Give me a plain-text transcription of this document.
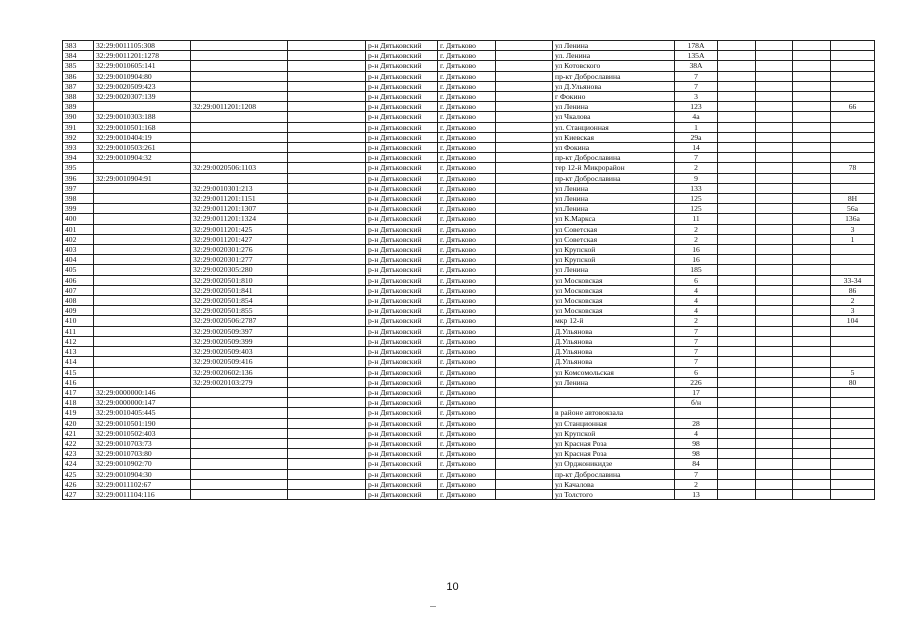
383	32:29:0011105:308			р-н Дятьковский	г. Дятьково		ул Ленина	178А				
384	32:29:0011201:1278			р-н Дятьковский	г. Дятьково		ул. Ленина	135А				
385	32:29:0010605:141			р-н Дятьковский	г. Дятьково		ул Котовского	38А				
386	32:29:0010904:80			р-н Дятьковский	г. Дятьково		пр-кт Доброславина	7				
387	32:29:0020509:423			р-н Дятьковский	г. Дятьково		ул Д.Ульянова	7				
388	32:29:0020307:139			р-н Дятьковский	г. Дятьково		г Фокино	3				
389		32:29:0011201:1208		р-н Дятьковский	г. Дятьково		ул Ленина	123				66
390	32:29:0010303:188			р-н Дятьковский	г. Дятьково		ул Чкалова	4а				
391	32:29:0010501:168			р-н Дятьковский	г. Дятьково		ул. Станционная	1				
392	32:29:0010404:19			р-н Дятьковский	г. Дятьково		ул Киевская	29а				
393	32:29:0010503:261			р-н Дятьковский	г. Дятьково		ул Фокина	14				
394	32:29:0010904:32			р-н Дятьковский	г. Дятьково		пр-кт Доброславина	7				
395		32:29:0020506:1103		р-н Дятьковский	г. Дятьково		тер 12-й Микрорайон	2				78
396	32:29:0010904:91			р-н Дятьковский	г. Дятьково		пр-кт Доброславина	9				
397		32:29:0010301:213		р-н Дятьковский	г. Дятьково		ул Ленина	133				
398		32:29:0011201:1151		р-н Дятьковский	г. Дятьково		ул Ленина	125				8Н
399		32:29:0011201:1307		р-н Дятьковский	г. Дятьково		ул.Ленина	125				56а
400		32:29:0011201:1324		р-н Дятьковский	г. Дятьково		ул К.Маркса	11				136а
401		32:29:0011201:425		р-н Дятьковский	г. Дятьково		ул Советская	2				3
402		32:29:0011201:427		р-н Дятьковский	г. Дятьково		ул Советская	2				1
403		32:29:0020301:276		р-н Дятьковский	г. Дятьково		ул Крупской	16				
404		32:29:0020301:277		р-н Дятьковский	г. Дятьково		ул Крупской	16				
405		32:29:0020305:280		р-н Дятьковский	г. Дятьково		ул Ленина	185				
406		32:29:0020501:810		р-н Дятьковский	г. Дятьково		ул Московская	6				33-34
407		32:29:0020501:841		р-н Дятьковский	г. Дятьково		ул Московская	4				86
408		32:29:0020501:854		р-н Дятьковский	г. Дятьково		ул Московская	4				2
409		32:29:0020501:855		р-н Дятьковский	г. Дятьково		ул Московская	4				3
410		32:29:0020506:2787		р-н Дятьковский	г. Дятьково		мкр 12-й	2				104
411		32:29:0020509:397		р-н Дятьковский	г. Дятьково		Д.Ульянова	7				
412		32:29:0020509:399		р-н Дятьковский	г. Дятьково		Д.Ульянова	7				
413		32:29:0020509:403		р-н Дятьковский	г. Дятьково		Д.Ульянова	7				
414		32:29:0020509:416		р-н Дятьковский	г. Дятьково		Д.Ульянова	7				
415		32:29:0020602:136		р-н Дятьковский	г. Дятьково		ул Комсомольская	6				5
416		32:29:0020103:279		р-н Дятьковский	г. Дятьково		ул Ленина	226				80
417	32:29:0000000:146			р-н Дятьковский	г. Дятьково			17				
418	32:29:0000000:147			р-н Дятьковский	г. Дятьково			б/н				
419	32:29:0010405:445			р-н Дятьковский	г. Дятьково		в районе автовокзала					
420	32:29:0010501:190			р-н Дятьковский	г. Дятьково		ул Станционная	28				
421	32:29:0010502:403			р-н Дятьковский	г. Дятьково		ул Крупской	4				
422	32:29:0010703:73			р-н Дятьковский	г. Дятьково		ул Красная Роза	98				
423	32:29:0010703:80			р-н Дятьковский	г. Дятьково		ул Красная Роза	98				
424	32:29:0010902:70			р-н Дятьковский	г. Дятьково		ул Орджоникидзе	84				
425	32:29:0010904:30			р-н Дятьковский	г. Дятьково		пр-кт Доброславина	7				
426	32:29:0011102:67			р-н Дятьковский	г. Дятьково		ул Качалова	2				
427	32:29:0011104:116			р-н Дятьковский	г. Дятьково		ул Толстого	13				
10
